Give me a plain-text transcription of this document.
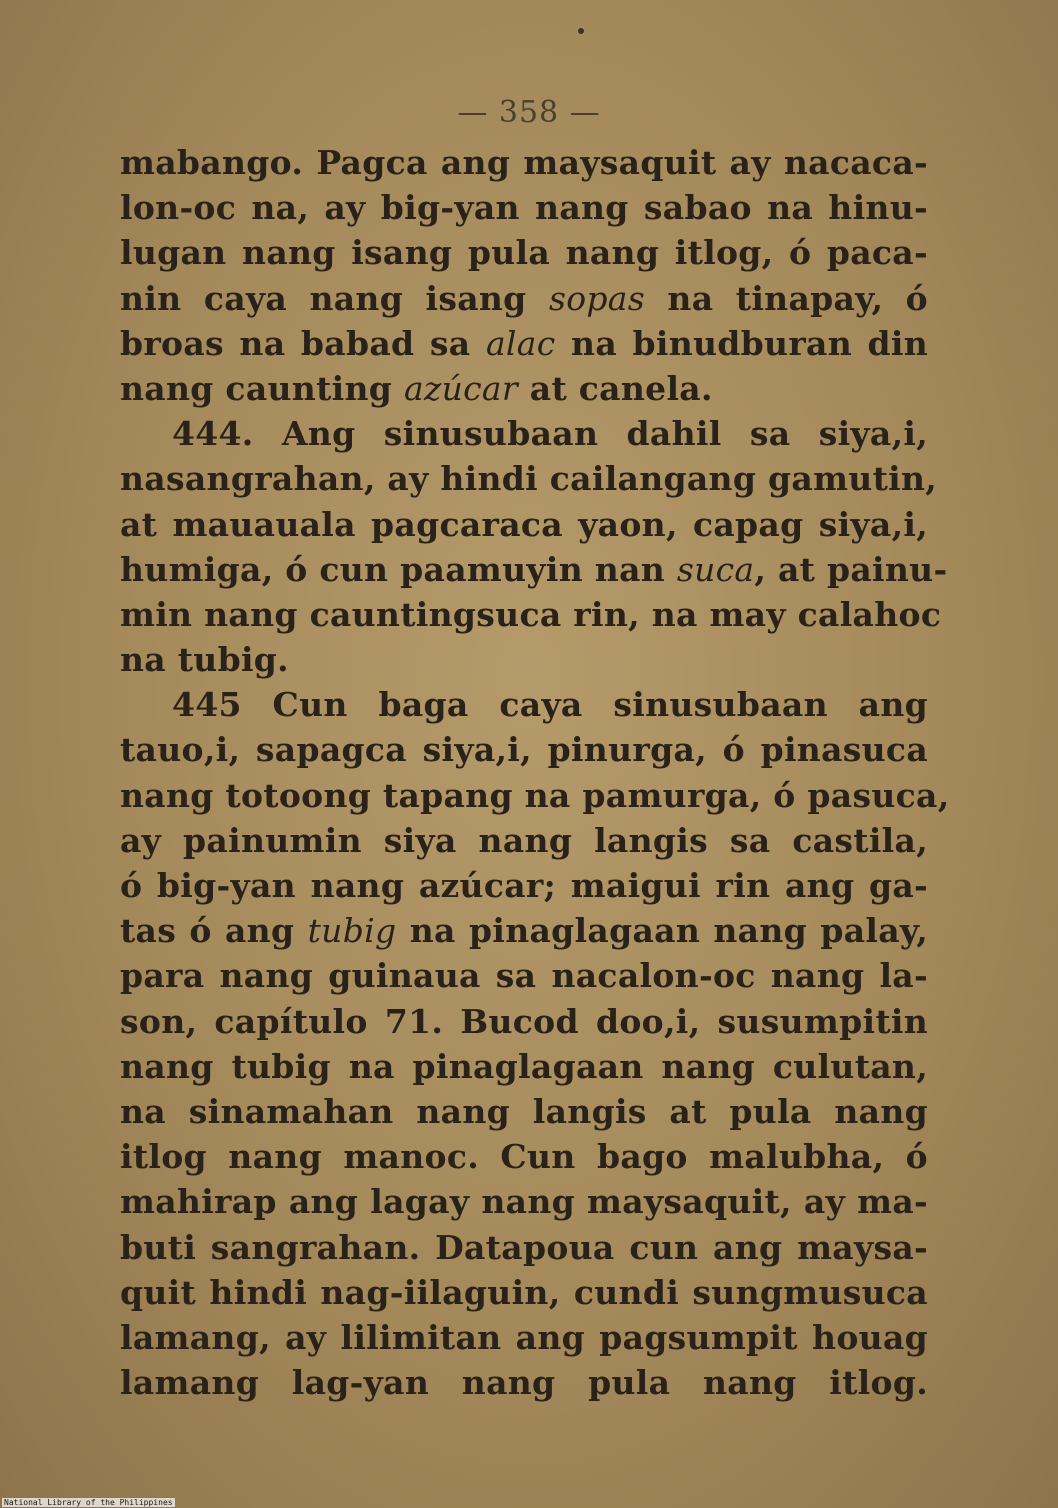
— 358 —
mabango. Pagca ang maysaquit ay nacaca-
lon-oc na, ay big-yan nang sabao na hinu-
lugan nang isang pula nang itlog, ó paca-
nin caya nang isang sopas na tinapay, ó
broas na babad sa alac na binudburan din
nang caunting azúcar at canela.
444. Ang sinusubaan dahil sa siya,i,
nasangrahan, ay hindi cailangang gamutin,
at mauauala pagcaraca yaon, capag siya,i,
humiga, ó cun paamuyin nan suca, at painu-
min nang cauntingsuca rin, na may calahoc
na tubig.
445 Cun baga caya sinusubaan ang
tauo,i, sapagca siya,i, pinurga, ó pinasuca
nang totoong tapang na pamurga, ó pasuca,
ay painumin siya nang langis sa castila,
ó big-yan nang azúcar; maigui rin ang ga-
tas ó ang tubig na pinaglagaan nang palay,
para nang guinaua sa nacalon-oc nang la-
son, capítulo 71. Bucod doo,i, susumpitin
nang tubig na pinaglagaan nang culutan,
na sinamahan nang langis at pula nang
itlog nang manoc. Cun bago malubha, ó
mahirap ang lagay nang maysaquit, ay ma-
buti sangrahan. Datapoua cun ang maysa-
quit hindi nag-iilaguin, cundi sungmusuca
lamang, ay lilimitan ang pagsumpit houag
lamang lag-yan nang pula nang itlog.
National Library of the Philippines
